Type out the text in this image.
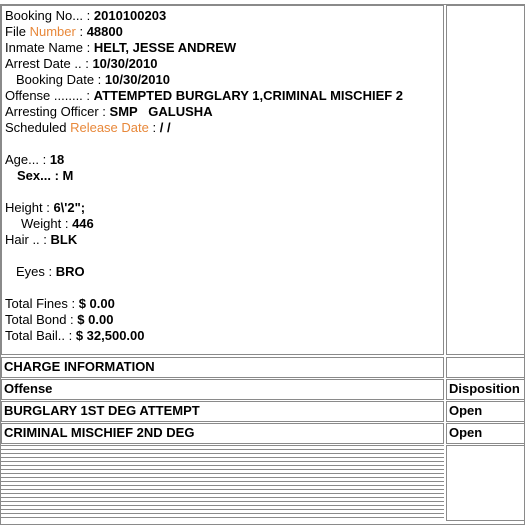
Booking No... : 2010100203
File Number : 48800
Inmate Name : HELT, JESSE ANDREW
Arrest Date .. : 10/30/2010
Booking Date : 10/30/2010
Offense ........ : ATTEMPTED BURGLARY 1,CRIMINAL MISCHIEF 2
Arresting Officer : SMP   GALUSHA
Scheduled Release Date : / /
Age... : 18
Sex... : M
Height : 6\'2";
Weight : 446
Hair .. : BLK
Eyes : BRO
Total Fines : $ 0.00
Total Bond : $ 0.00
Total Bail.. : $ 32,500.00
CHARGE INFORMATION
Offense	Disposition
BURGLARY 1ST DEG ATTEMPT	Open
CRIMINAL MISCHIEF 2ND DEG	Open
